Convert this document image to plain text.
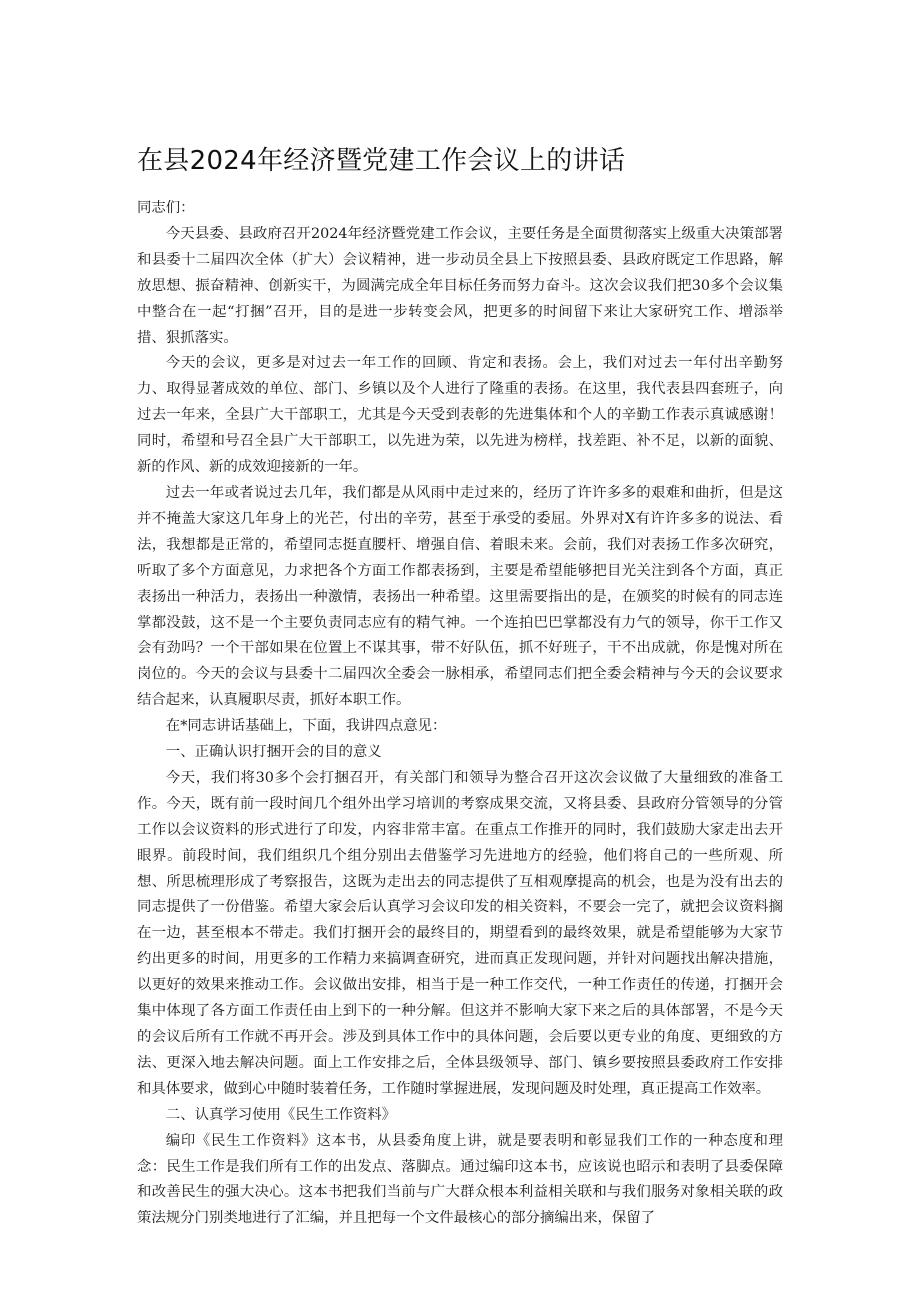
在县2024年经济暨党建工作会议上的讲话

同志们：

今天县委、县政府召开2024年经济暨党建工作会议，主要任务是全面贯彻落实上级重大决策部署和县委十二届四次全体（扩大）会议精神，进一步动员全县上下按照县委、县政府既定工作思路，解放思想、振奋精神、创新实干，为圆满完成全年目标任务而努力奋斗。这次会议我们把30多个会议集中整合在一起“打捆”召开，目的是进一步转变会风，把更多的时间留下来让大家研究工作、增添举措、狠抓落实。

今天的会议，更多是对过去一年工作的回顾、肯定和表扬。会上，我们对过去一年付出辛勤努力、取得显著成效的单位、部门、乡镇以及个人进行了隆重的表扬。在这里，我代表县四套班子，向过去一年来，全县广大干部职工，尤其是今天受到表彰的先进集体和个人的辛勤工作表示真诚感谢！同时，希望和号召全县广大干部职工，以先进为荣，以先进为榜样，找差距、补不足，以新的面貌、新的作风、新的成效迎接新的一年。

过去一年或者说过去几年，我们都是从风雨中走过来的，经历了许许多多的艰难和曲折，但是这并不掩盖大家这几年身上的光芒，付出的辛劳，甚至于承受的委屈。外界对X有许许多多的说法、看法，我想都是正常的，希望同志挺直腰杆、增强自信、着眼未来。会前，我们对表扬工作多次研究，听取了多个方面意见，力求把各个方面工作都表扬到，主要是希望能够把目光关注到各个方面，真正表扬出一种活力，表扬出一种激情，表扬出一种希望。这里需要指出的是，在颁奖的时候有的同志连掌都没鼓，这不是一个主要负责同志应有的精气神。一个连拍巴巴掌都没有力气的领导，你干工作又会有劲吗？一个干部如果在位置上不谋其事，带不好队伍，抓不好班子，干不出成就，你是愧对所在岗位的。今天的会议与县委十二届四次全委会一脉相承，希望同志们把全委会精神与今天的会议要求结合起来，认真履职尽责，抓好本职工作。

在*同志讲话基础上，下面，我讲四点意见：

一、正确认识打捆开会的目的意义

今天，我们将30多个会打捆召开，有关部门和领导为整合召开这次会议做了大量细致的准备工作。今天，既有前一段时间几个组外出学习培训的考察成果交流，又将县委、县政府分管领导的分管工作以会议资料的形式进行了印发，内容非常丰富。在重点工作推开的同时，我们鼓励大家走出去开眼界。前段时间，我们组织几个组分别出去借鉴学习先进地方的经验，他们将自己的一些所观、所想、所思梳理形成了考察报告，这既为走出去的同志提供了互相观摩提高的机会，也是为没有出去的同志提供了一份借鉴。希望大家会后认真学习会议印发的相关资料，不要会一完了，就把会议资料搁在一边，甚至根本不带走。我们打捆开会的最终目的，期望看到的最终效果，就是希望能够为大家节约出更多的时间，用更多的工作精力来搞调查研究，进而真正发现问题，并针对问题找出解决措施，以更好的效果来推动工作。会议做出安排，相当于是一种工作交代，一种工作责任的传递，打捆开会集中体现了各方面工作责任由上到下的一种分解。但这并不影响大家下来之后的具体部署，不是今天的会议后所有工作就不再开会。涉及到具体工作中的具体问题，会后要以更专业的角度、更细致的方法、更深入地去解决问题。面上工作安排之后，全体县级领导、部门、镇乡要按照县委政府工作安排和具体要求，做到心中随时装着任务，工作随时掌握进展，发现问题及时处理，真正提高工作效率。

二、认真学习使用《民生工作资料》

编印《民生工作资料》这本书，从县委角度上讲，就是要表明和彰显我们工作的一种态度和理念：民生工作是我们所有工作的出发点、落脚点。通过编印这本书，应该说也昭示和表明了县委保障和改善民生的强大决心。这本书把我们当前与广大群众根本利益相关联和与我们服务对象相关联的政策法规分门别类地进行了汇编，并且把每一个文件最核心的部分摘编出来，保留了
